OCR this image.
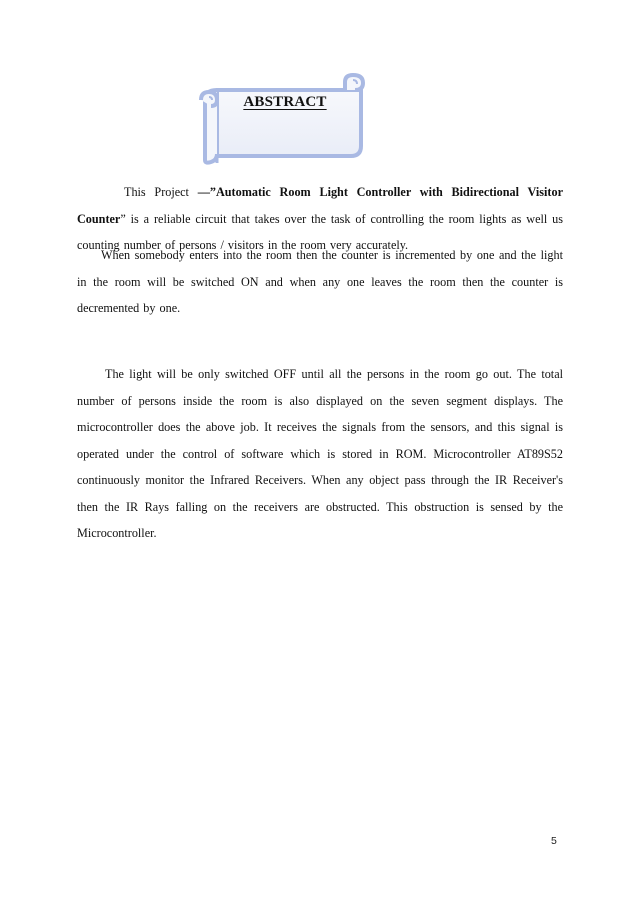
ABSTRACT

This Project —”Automatic Room Light Controller with Bidirectional Visitor Counter” is a reliable circuit that takes over the task of controlling the room lights as well us counting number of persons / visitors in the room very accurately.

When somebody enters into the room then the counter is incremented by one and the light in the room will be switched ON and when any one leaves the room then the counter is decremented by one.

The light will be only switched OFF until all the persons in the room go out. The total number of persons inside the room is also displayed on the seven segment displays. The microcontroller does the above job. It receives the signals from the sensors, and this signal is operated under the control of software which is stored in ROM. Microcontroller AT89S52 continuously monitor the Infrared Receivers. When any object pass through the IR Receiver's then the IR Rays falling on the receivers are obstructed. This obstruction is sensed by the Microcontroller.

5
